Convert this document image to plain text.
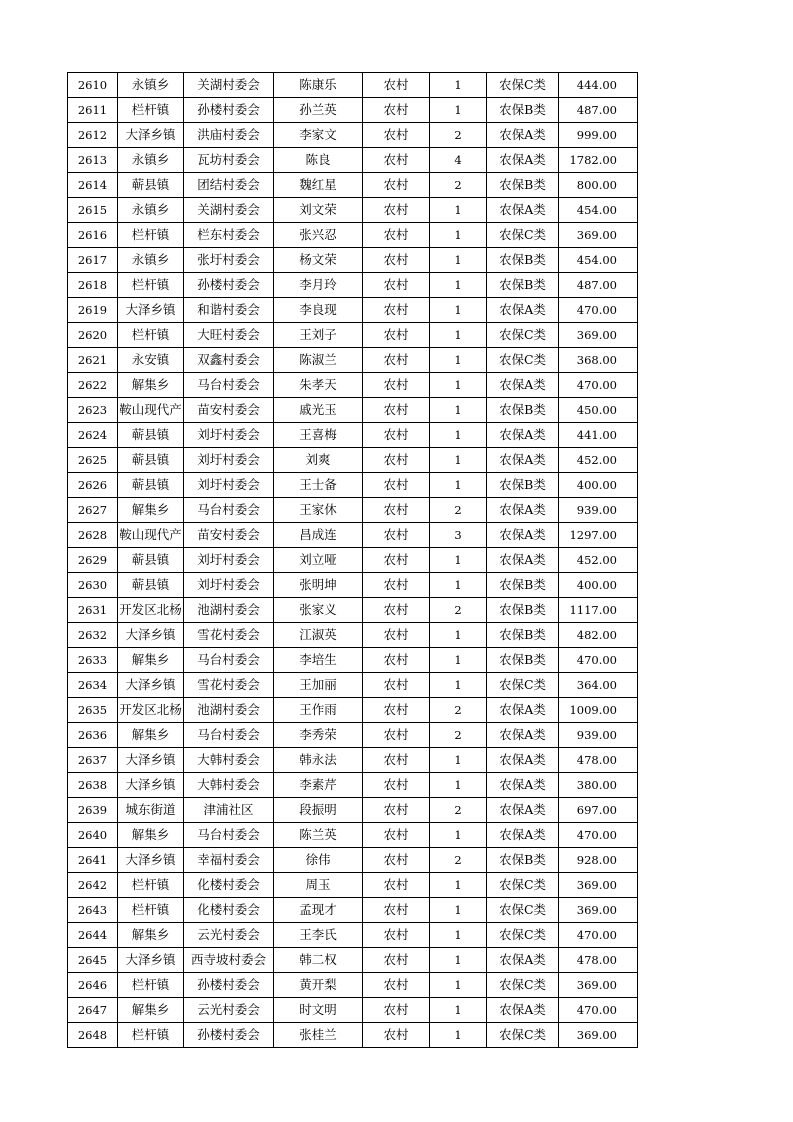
2610	永镇乡	关湖村委会	陈康乐	农村	1	农保C类	444.00
2611	栏杆镇	孙楼村委会	孙兰英	农村	1	农保B类	487.00
2612	大泽乡镇	洪庙村委会	李家文	农村	2	农保A类	999.00
2613	永镇乡	瓦坊村委会	陈良	农村	4	农保A类	1782.00
2614	蕲县镇	团结村委会	魏红星	农村	2	农保B类	800.00
2615	永镇乡	关湖村委会	刘文荣	农村	1	农保A类	454.00
2616	栏杆镇	栏东村委会	张兴忍	农村	1	农保C类	369.00
2617	永镇乡	张圩村委会	杨文荣	农村	1	农保B类	454.00
2618	栏杆镇	孙楼村委会	李月玲	农村	1	农保B类	487.00
2619	大泽乡镇	和谐村委会	李良现	农村	1	农保A类	470.00
2620	栏杆镇	大旺村委会	王刘子	农村	1	农保C类	369.00
2621	永安镇	双鑫村委会	陈淑兰	农村	1	农保C类	368.00
2622	解集乡	马台村委会	朱孝天	农村	1	农保A类	470.00
2623	鞍山现代产	苗安村委会	戚光玉	农村	1	农保B类	450.00
2624	蕲县镇	刘圩村委会	王喜梅	农村	1	农保A类	441.00
2625	蕲县镇	刘圩村委会	刘爽	农村	1	农保A类	452.00
2626	蕲县镇	刘圩村委会	王士备	农村	1	农保B类	400.00
2627	解集乡	马台村委会	王家休	农村	2	农保A类	939.00
2628	鞍山现代产	苗安村委会	昌成连	农村	3	农保A类	1297.00
2629	蕲县镇	刘圩村委会	刘立哑	农村	1	农保A类	452.00
2630	蕲县镇	刘圩村委会	张明坤	农村	1	农保B类	400.00
2631	开发区北杨	池湖村委会	张家义	农村	2	农保B类	1117.00
2632	大泽乡镇	雪花村委会	江淑英	农村	1	农保B类	482.00
2633	解集乡	马台村委会	李培生	农村	1	农保B类	470.00
2634	大泽乡镇	雪花村委会	王加丽	农村	1	农保C类	364.00
2635	开发区北杨	池湖村委会	王作雨	农村	2	农保A类	1009.00
2636	解集乡	马台村委会	李秀荣	农村	2	农保A类	939.00
2637	大泽乡镇	大韩村委会	韩永法	农村	1	农保A类	478.00
2638	大泽乡镇	大韩村委会	李素芹	农村	1	农保A类	380.00
2639	城东街道	津浦社区	段振明	农村	2	农保A类	697.00
2640	解集乡	马台村委会	陈兰英	农村	1	农保A类	470.00
2641	大泽乡镇	幸福村委会	徐伟	农村	2	农保B类	928.00
2642	栏杆镇	化楼村委会	周玉	农村	1	农保C类	369.00
2643	栏杆镇	化楼村委会	孟现才	农村	1	农保C类	369.00
2644	解集乡	云光村委会	王李氏	农村	1	农保C类	470.00
2645	大泽乡镇	西寺坡村委会	韩二权	农村	1	农保A类	478.00
2646	栏杆镇	孙楼村委会	黄开梨	农村	1	农保C类	369.00
2647	解集乡	云光村委会	时文明	农村	1	农保A类	470.00
2648	栏杆镇	孙楼村委会	张桂兰	农村	1	农保C类	369.00
